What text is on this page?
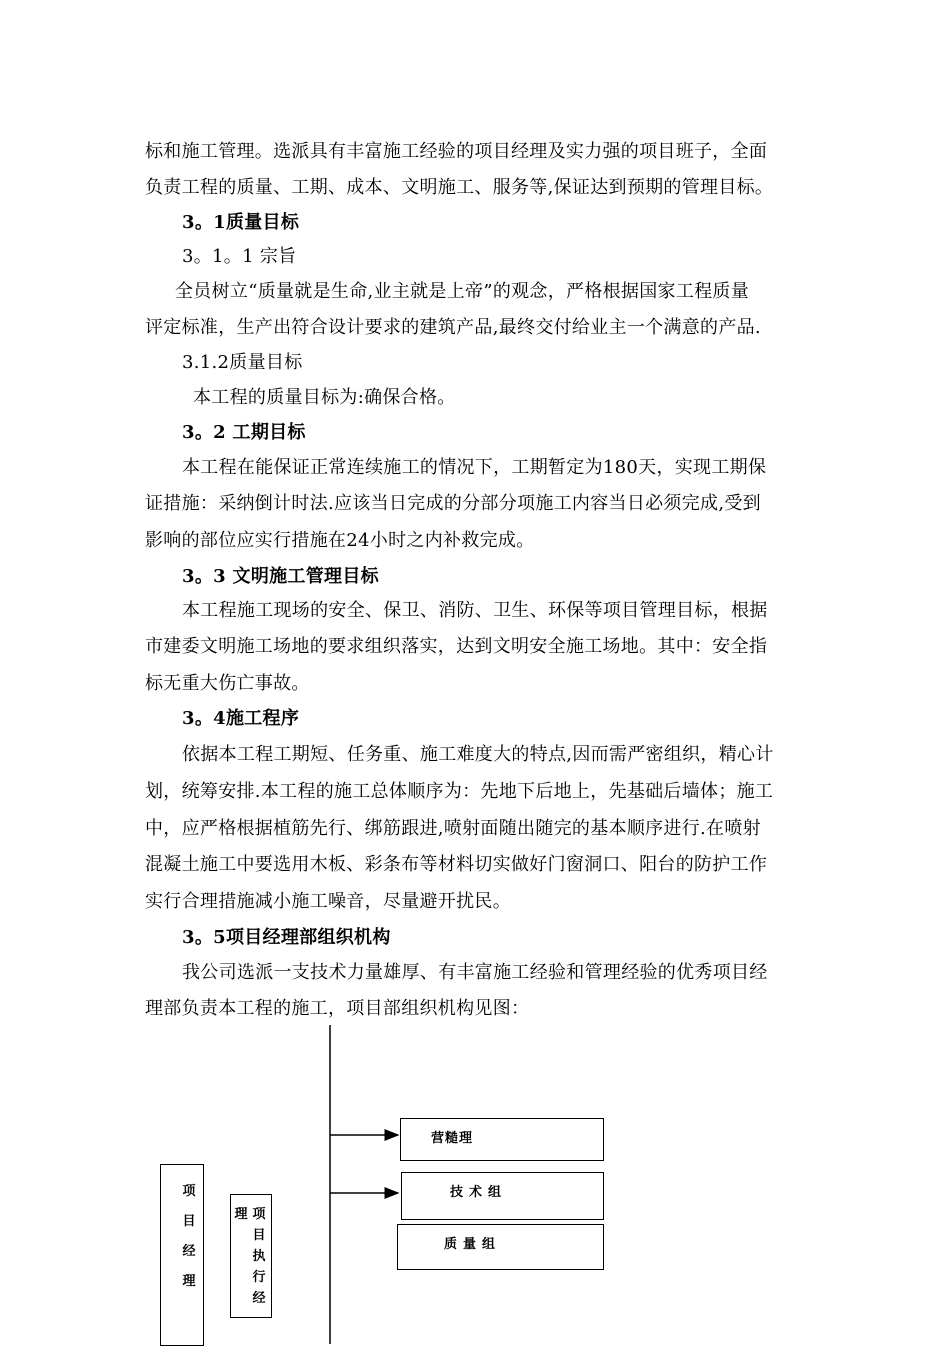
标和施工管理。选派具有丰富施工经验的项目经理及实力强的项目班子，全面
负责工程的质量、工期、成本、文明施工、服务等,保证达到预期的管理目标。
3。1质量目标
3。1。1 宗旨
全员树立“质量就是生命,业主就是上帝”的观念，严格根据国家工程质量
评定标准，生产出符合设计要求的建筑产品,最终交付给业主一个满意的产品.
3.1.2质量目标
本工程的质量目标为:确保合格。
3。2 工期目标
本工程在能保证正常连续施工的情况下，工期暂定为180天，实现工期保
证措施：采纳倒计时法.应该当日完成的分部分项施工内容当日必须完成,受到
影响的部位应实行措施在24小时之内补救完成。
3。3 文明施工管理目标
本工程施工现场的安全、保卫、消防、卫生、环保等项目管理目标，根据
市建委文明施工场地的要求组织落实，达到文明安全施工场地。其中：安全指
标无重大伤亡事故。
3。4施工程序
依据本工程工期短、任务重、施工难度大的特点,因而需严密组织，精心计
划，统筹安排.本工程的施工总体顺序为：先地下后地上，先基础后墙体；施工
中，应严格根据植筋先行、绑筋跟进,喷射面随出随完的基本顺序进行.在喷射
混凝土施工中要选用木板、彩条布等材料切实做好门窗洞口、阳台的防护工作
实行合理措施减小施工噪音，尽量避开扰民。
3。5项目经理部组织机构
我公司选派一支技术力量雄厚、有丰富施工经验和管理经验的优秀项目经
理部负责本工程的施工，项目部组织机构见图：
营糙理
技术组
质量组
项
目
经
理
理 项
目
执
行
经
